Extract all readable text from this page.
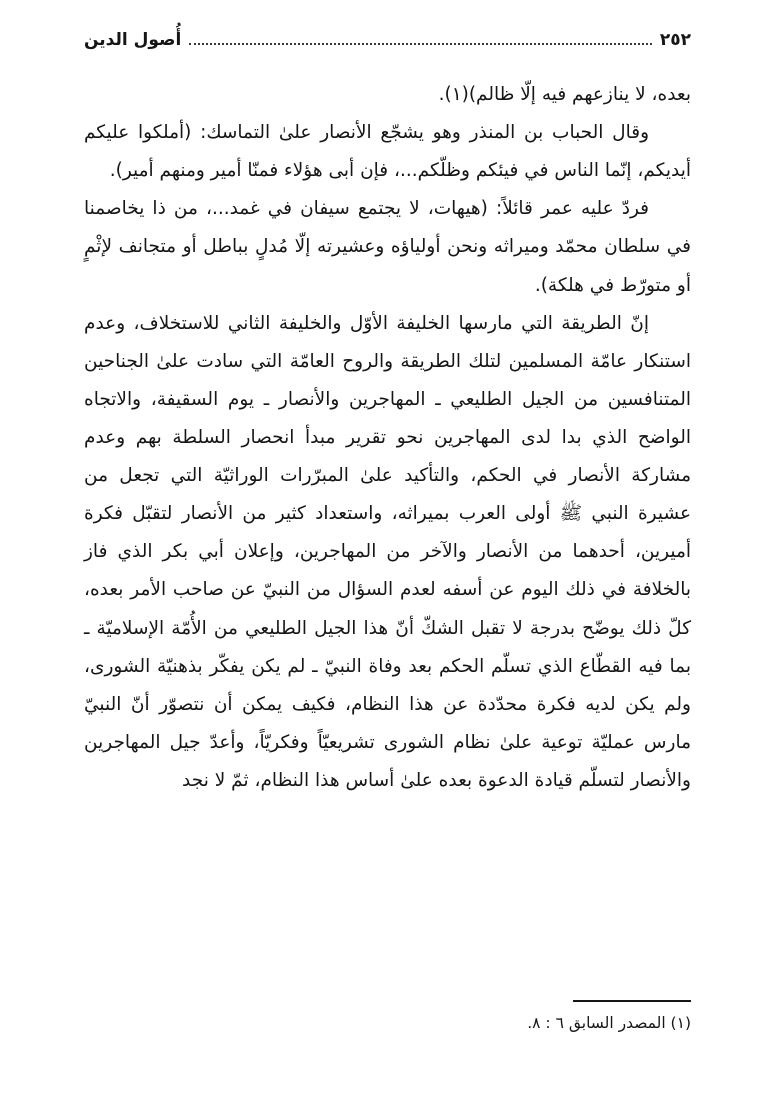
٢٥٢
أُصول الدين

بعده، لا ينازعهم فيه إلّا ظالم)(١).

وقال الحباب بن المنذر وهو يشجّع الأنصار علىٰ التماسك: (أملكوا عليكم أيديكم، إنّما الناس في فيئكم وظلّكم...، فإن أبى هؤلاء فمنّا أمير ومنهم أمير).

فردّ عليه عمر قائلاً: (هيهات، لا يجتمع سيفان في غمد...، من ذا يخاصمنا في سلطان محمّد وميراثه ونحن أولياؤه وعشيرته إلّا مُدلٍ بباطل أو متجانف لإثْمٍ أو متورّط في هلكة).

إنّ الطريقة التي مارسها الخليفة الأوّل والخليفة الثاني للاستخلاف، وعدم استنكار عامّة المسلمين لتلك الطريقة والروح العامّة التي سادت علىٰ الجناحين المتنافسين من الجيل الطليعي ـ المهاجرين والأنصار ـ يوم السقيفة، والاتجاه الواضح الذي بدا لدى المهاجرين نحو تقرير مبدأ انحصار السلطة بهم وعدم مشاركة الأنصار في الحكم، والتأكيد علىٰ المبرّرات الوراثيّة التي تجعل من عشيرة النبي ﷺ أولى العرب بميراثه، واستعداد كثير من الأنصار لتقبّل فكرة أميرين، أحدهما من الأنصار والآخر من المهاجرين، وإعلان أبي بكر الذي فاز بالخلافة في ذلك اليوم عن أسفه لعدم السؤال من النبيّ عن صاحب الأمر بعده، كلّ ذلك يوضّح بدرجة لا تقبل الشكّ أنّ هذا الجيل الطليعي من الأُمّة الإسلاميّة ـ بما فيه القطّاع الذي تسلّم الحكم بعد وفاة النبيّ ـ لم يكن يفكّر بذهنيّة الشورى، ولم يكن لديه فكرة محدّدة عن هذا النظام، فكيف يمكن أن نتصوّر أنّ النبيّ مارس عمليّة توعية علىٰ نظام الشورى تشريعيّاً وفكريّاً، وأعدّ جيل المهاجرين والأنصار لتسلّم قيادة الدعوة بعده علىٰ أساس هذا النظام، ثمّ لا نجد

(١) المصدر السابق ٦ : ٨.
